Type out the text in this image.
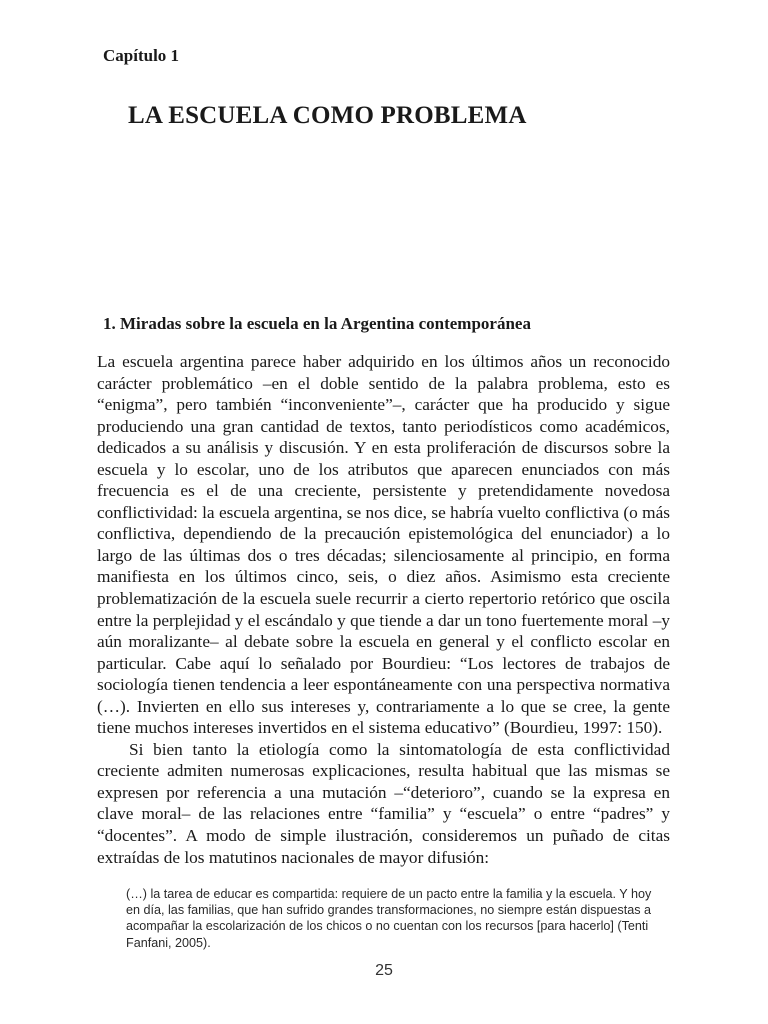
Capítulo 1
LA ESCUELA COMO PROBLEMA
1. Miradas sobre la escuela en la Argentina contemporánea

La escuela argentina parece haber adquirido en los últimos años un reconocido carácter problemático –en el doble sentido de la palabra problema, esto es “enigma”, pero también “inconveniente”–, carácter que ha producido y sigue produciendo una gran cantidad de textos, tanto periodísticos como académicos, dedicados a su análisis y discusión. Y en esta proliferación de discursos sobre la escuela y lo escolar, uno de los atributos que aparecen enunciados con más frecuencia es el de una creciente, persistente y pretendidamente novedosa conflictividad: la escuela argentina, se nos dice, se habría vuelto conflictiva (o más conflictiva, dependiendo de la precaución epistemológica del enunciador) a lo largo de las últimas dos o tres décadas; silenciosamente al principio, en forma manifiesta en los últimos cinco, seis, o diez años. Asimismo esta creciente problematización de la escuela suele recurrir a cierto repertorio retórico que oscila entre la perplejidad y el escándalo y que tiende a dar un tono fuertemente moral –y aún moralizante– al debate sobre la escuela en general y el conflicto escolar en particular. Cabe aquí lo señalado por Bourdieu: “Los lectores de trabajos de sociología tienen tendencia a leer espontáneamente con una perspectiva normativa (…). Invierten en ello sus intereses y, contrariamente a lo que se cree, la gente tiene muchos intereses invertidos en el sistema educativo” (Bourdieu, 1997: 150).

Si bien tanto la etiología como la sintomatología de esta conflictividad creciente admiten numerosas explicaciones, resulta habitual que las mismas se expresen por referencia a una mutación –“deterioro”, cuando se la expresa en clave moral– de las relaciones entre “familia” y “escuela” o entre “padres” y “docentes”. A modo de simple ilustración, consideremos un puñado de citas extraídas de los matutinos nacionales de mayor difusión:

(…) la tarea de educar es compartida: requiere de un pacto entre la familia y la escuela. Y hoy en día, las familias, que han sufrido grandes transformaciones, no siempre están dispuestas a acompañar la escolarización de los chicos o no cuentan con los recursos [para hacerlo] (Tenti Fanfani, 2005).

25
